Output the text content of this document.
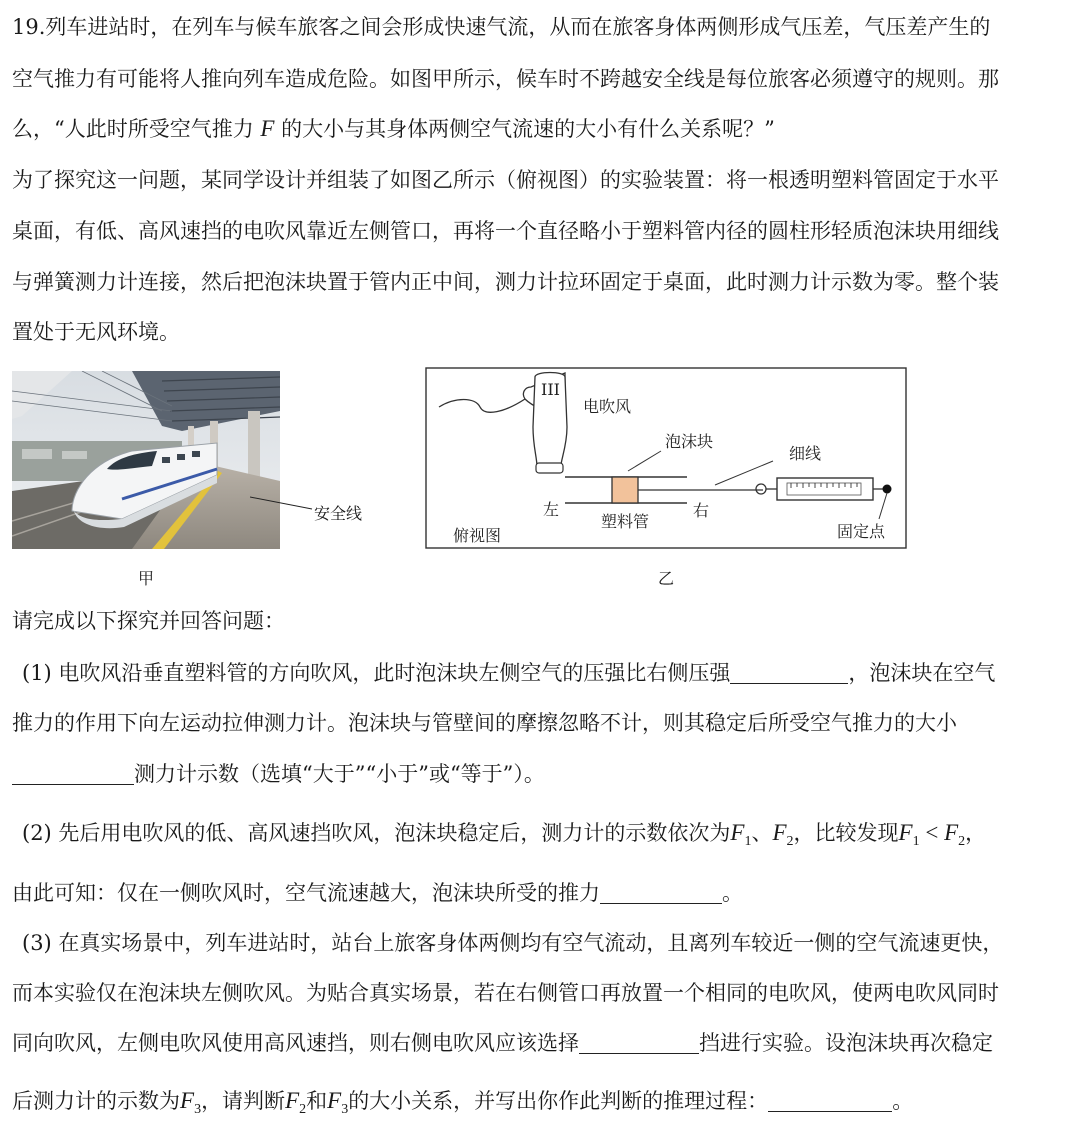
19.列车进站时，在列车与候车旅客之间会形成快速气流，从而在旅客身体两侧形成气压差，气压差产生的
空气推力有可能将人推向列车造成危险。如图甲所示，候车时不跨越安全线是每位旅客必须遵守的规则。那
么，“人此时所受空气推力 F 的大小与其身体两侧空气流速的大小有什么关系呢？”
为了探究这一问题，某同学设计并组装了如图乙所示（俯视图）的实验装置：将一根透明塑料管固定于水平
桌面，有低、高风速挡的电吹风靠近左侧管口，再将一个直径略小于塑料管内径的圆柱形轻质泡沫块用细线
与弹簧测力计连接，然后把泡沫块置于管内正中间，测力计拉环固定于桌面，此时测力计示数为零。整个装
置处于无风环境。
安全线
甲
III
电吹风
泡沫块
细线
左
塑料管
右
俯视图	固定点
乙
请完成以下探究并回答问题：
(1) 电吹风沿垂直塑料管的方向吹风，此时泡沫块左侧空气的压强比右侧压强	，泡沫块在空气
推力的作用下向左运动拉伸测力计。泡沫块与管壁间的摩擦忽略不计，则其稳定后所受空气推力的大小
测力计示数（选填“大于”“小于”或“等于”）。
(2) 先后用电吹风的低、高风速挡吹风，泡沫块稳定后，测力计的示数依次为$F_1$、$F_2$，比较发现$F_1 < F_2$，
由此可知：仅在一侧吹风时，空气流速越大，泡沫块所受的推力	。
(3) 在真实场景中，列车进站时，站台上旅客身体两侧均有空气流动，且离列车较近一侧的空气流速更快，
而本实验仅在泡沫块左侧吹风。为贴合真实场景，若在右侧管口再放置一个相同的电吹风，使两电吹风同时
同向吹风，左侧电吹风使用高风速挡，则右侧电吹风应该选择	挡进行实验。设泡沫块再次稳定
后测力计的示数为$F_3$，请判断$F_2$和$F_3$的大小关系，并写出你作此判断的推理过程：	。
